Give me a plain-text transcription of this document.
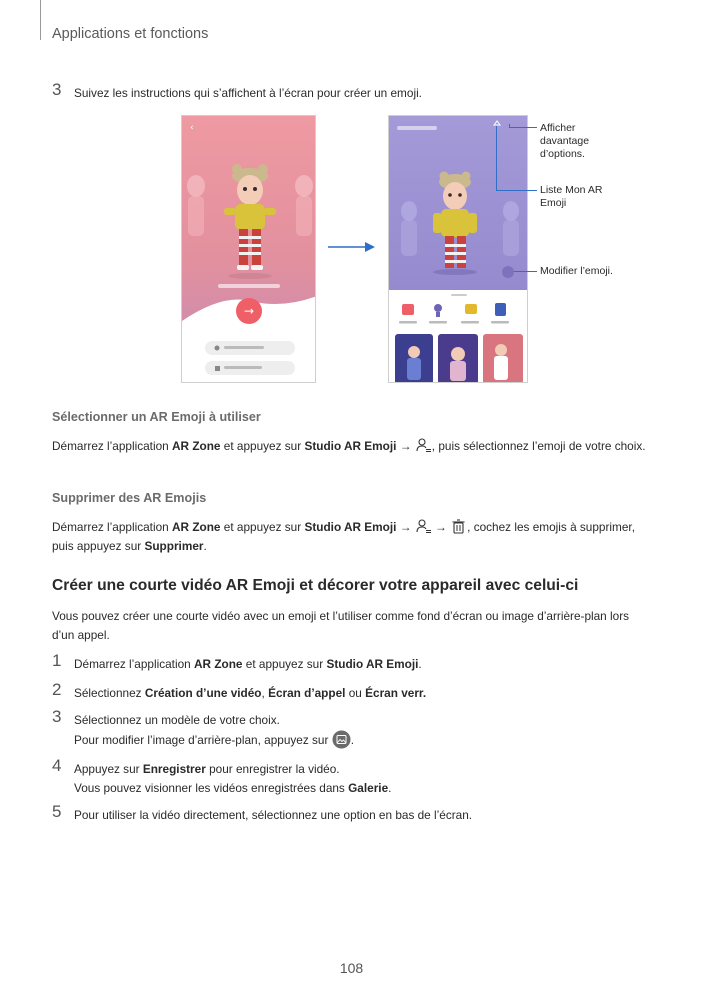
Applications et fonctions
3 Suivez les instructions qui s’affichent à l’écran pour créer un emoji.
‹
→
Afficher
davantage
d’options.
Liste Mon AR
Emoji
Modifier l’emoji.
Sélectionner un AR Emoji à utiliser
Démarrez l’application AR Zone et appuyez sur Studio AR Emoji → , puis sélectionnez l’emoji de votre choix.
Supprimer des AR Emojis
Démarrez l’application AR Zone et appuyez sur Studio AR Emoji →  → , cochez les emojis à supprimer,
puis appuyez sur Supprimer.
Créer une courte vidéo AR Emoji et décorer votre appareil avec celui-ci
Vous pouvez créer une courte vidéo avec un emoji et l’utiliser comme fond d’écran ou image d’arrière-plan lors d’un appel.
1 Démarrez l’application AR Zone et appuyez sur Studio AR Emoji.
2 Sélectionnez Création d’une vidéo, Écran d’appel ou Écran verr.
3 Sélectionnez un modèle de votre choix.
Pour modifier l’image d’arrière-plan, appuyez sur .
4 Appuyez sur Enregistrer pour enregistrer la vidéo.
Vous pouvez visionner les vidéos enregistrées dans Galerie.
5 Pour utiliser la vidéo directement, sélectionnez une option en bas de l’écran.
108
